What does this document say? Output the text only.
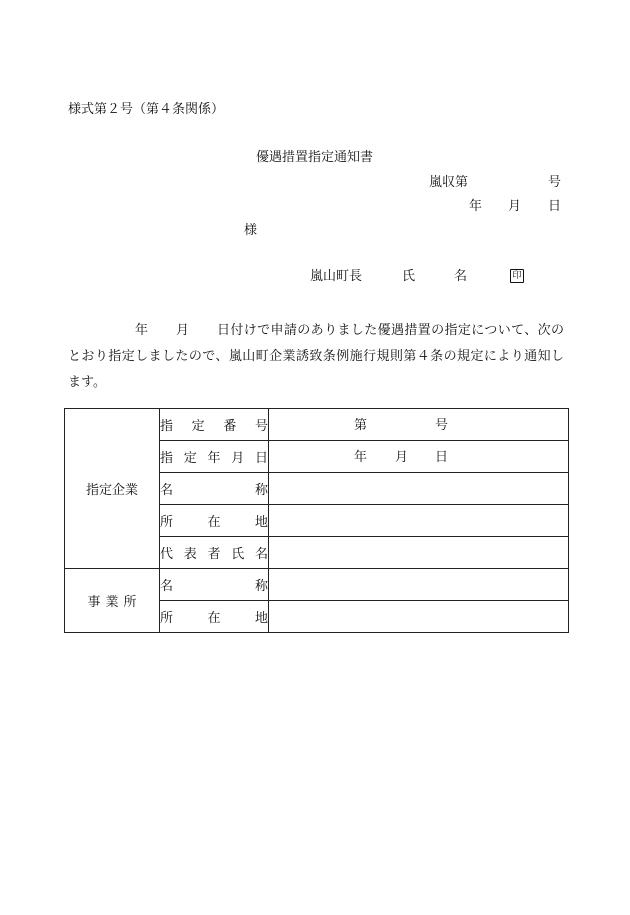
様式第２号（第４条関係）
優遇措置指定通知書
嵐収第	号
年 月 日
様
嵐山町長	氏	名	印
年	月	日付けで申請のありました優遇措置の指定について、次の
とおり指定しましたので、嵐山町企業誘致条例施行規則第４条の規定により通知し
ます。
指定企業	指 定 番 号	第 号

	指 定 年 月 日	年 月 日

	名 称	

	所 在 地	

	代 表 者 氏 名	

事 業 所	名 称	

	所 在 地	
